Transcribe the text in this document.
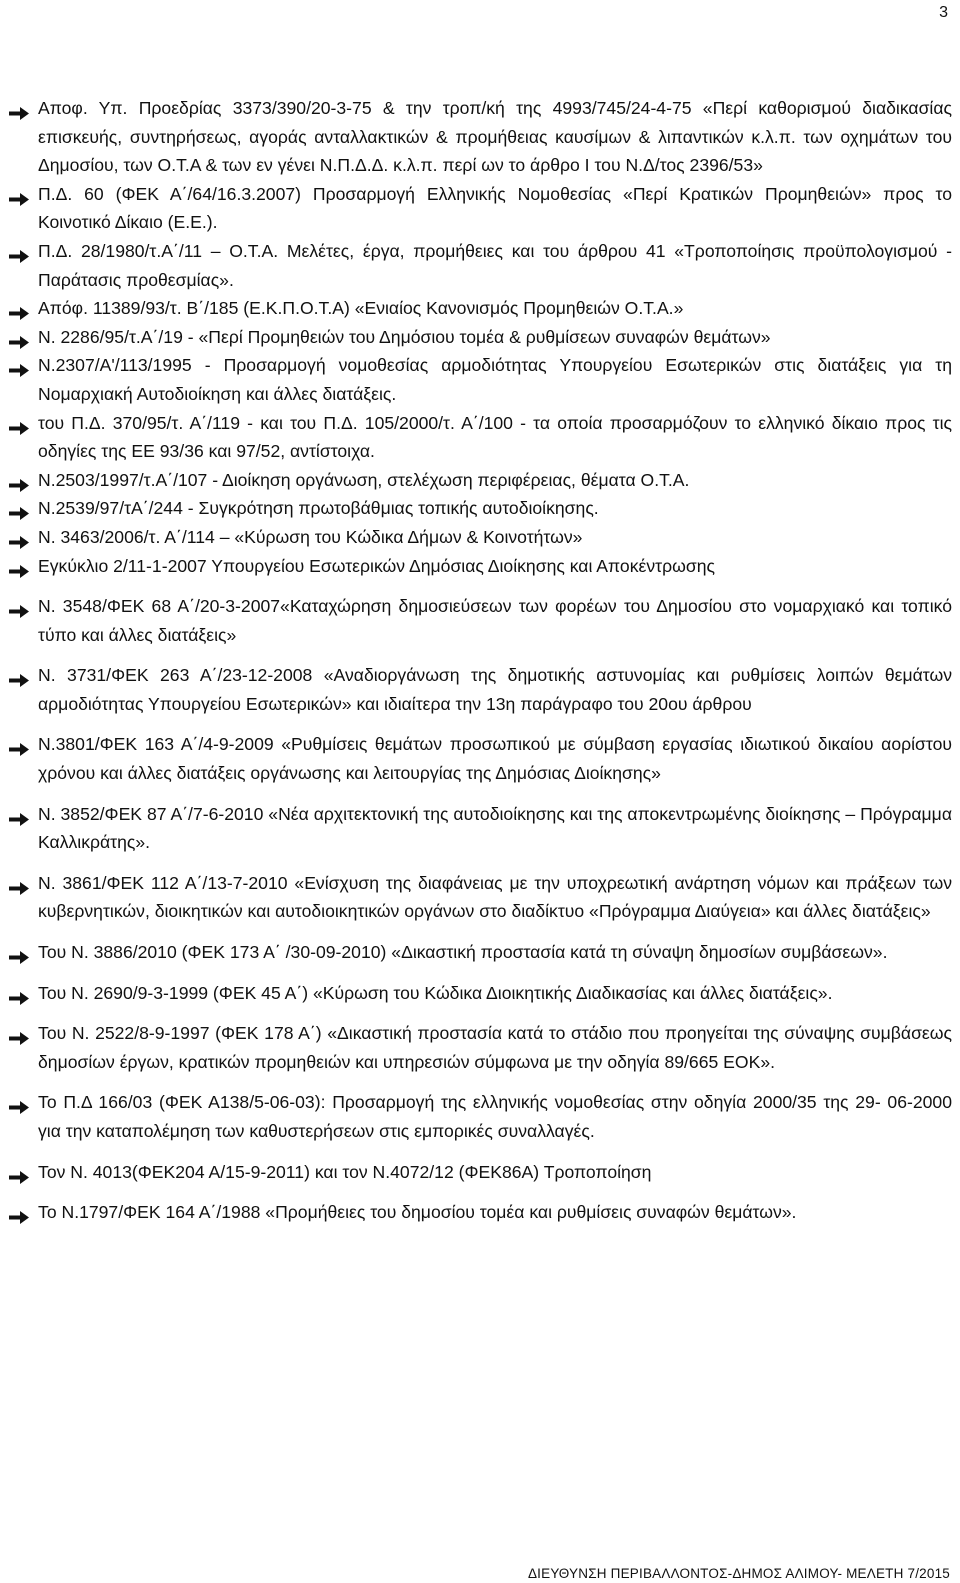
3
Αποφ. Υπ. Προεδρίας 3373/390/20-3-75 & την τροπ/κή της 4993/745/24-4-75 «Περί καθορισμού διαδικασίας επισκευής, συντηρήσεως, αγοράς ανταλλακτικών & προμήθειας καυσίμων & λιπαντικών κ.λ.π. των οχημάτων του Δημοσίου, των Ο.Τ.Α & των εν γένει Ν.Π.Δ.Δ. κ.λ.π. περί ων το άρθρο Ι του Ν.Δ/τος 2396/53»
Π.Δ. 60 (ΦΕΚ Α΄/64/16.3.2007) Προσαρμογή Ελληνικής Νομοθεσίας «Περί Κρατικών Προμηθειών» προς το Κοινοτικό Δίκαιο (Ε.Ε.).
Π.Δ. 28/1980/τ.Α΄/11 – Ο.Τ.Α. Μελέτες, έργα, προμήθειες και του άρθρου 41 «Τροποποίησις προϋπολογισμού - Παράτασις προθεσμίας».
Απόφ. 11389/93/τ. Β΄/185 (Ε.Κ.Π.Ο.Τ.Α) «Ενιαίος Κανονισμός Προμηθειών Ο.Τ.Α.»
Ν. 2286/95/τ.Α΄/19 - «Περί Προμηθειών του Δημόσιου τομέα & ρυθμίσεων συναφών θεμάτων»
Ν.2307/Α'/113/1995 - Προσαρμογή νομοθεσίας αρμοδιότητας Υπουργείου Εσωτερικών στις διατάξεις για τη Νομαρχιακή Αυτοδιοίκηση και άλλες διατάξεις.
του Π.Δ. 370/95/τ. Α΄/119 - και του Π.Δ. 105/2000/τ. Α΄/100 - τα οποία προσαρμόζουν το ελληνικό δίκαιο προς τις οδηγίες της ΕΕ 93/36 και 97/52, αντίστοιχα.
Ν.2503/1997/τ.Α΄/107 - Διοίκηση οργάνωση, στελέχωση περιφέρειας, θέματα Ο.Τ.Α.
Ν.2539/97/τΑ΄/244 - Συγκρότηση πρωτοβάθμιας τοπικής αυτοδιοίκησης.
Ν. 3463/2006/τ. Α΄/114 – «Κύρωση του Κώδικα Δήμων & Κοινοτήτων»
Εγκύκλιο 2/11-1-2007 Υπουργείου Εσωτερικών Δημόσιας Διοίκησης και Αποκέντρωσης
Ν. 3548/ΦΕΚ 68 Α΄/20-3-2007«Καταχώρηση δημοσιεύσεων των φορέων του Δημοσίου στο νομαρχιακό και τοπικό τύπο και άλλες διατάξεις»
Ν. 3731/ΦΕΚ 263 Α΄/23-12-2008 «Αναδιοργάνωση της δημοτικής αστυνομίας και ρυθμίσεις λοιπών θεμάτων αρμοδιότητας Υπουργείου Εσωτερικών» και ιδιαίτερα την 13η παράγραφο του 20ου άρθρου
Ν.3801/ΦΕΚ 163 Α΄/4-9-2009 «Ρυθμίσεις θεμάτων προσωπικού με σύμβαση εργασίας ιδιωτικού δικαίου αορίστου χρόνου και άλλες διατάξεις οργάνωσης και λειτουργίας της Δημόσιας Διοίκησης»
Ν. 3852/ΦΕΚ 87 Α΄/7-6-2010 «Νέα αρχιτεκτονική της αυτοδιοίκησης και της αποκεντρωμένης διοίκησης – Πρόγραμμα Καλλικράτης».
Ν. 3861/ΦΕΚ 112 Α΄/13-7-2010 «Ενίσχυση της διαφάνειας με την υποχρεωτική ανάρτηση νόμων και πράξεων των κυβερνητικών, διοικητικών και αυτοδιοικητικών οργάνων στο διαδίκτυο «Πρόγραμμα Διαύγεια» και άλλες διατάξεις»
Του Ν. 3886/2010 (ΦΕΚ 173 Α΄ /30-09-2010) «Δικαστική προστασία κατά τη σύναψη δημοσίων συμβάσεων».
Του Ν. 2690/9-3-1999 (ΦΕΚ 45 Α΄) «Κύρωση του Κώδικα Διοικητικής Διαδικασίας και άλλες διατάξεις».
Του Ν. 2522/8-9-1997 (ΦΕΚ 178 Α΄) «Δικαστική προστασία κατά το στάδιο που προηγείται της σύναψης συμβάσεως δημοσίων έργων, κρατικών προμηθειών και υπηρεσιών σύμφωνα με την οδηγία 89/665 ΕΟΚ».
Το Π.Δ 166/03 (ΦΕΚ Α138/5-06-03): Προσαρμογή της ελληνικής νομοθεσίας στην οδηγία 2000/35 της 29- 06-2000 για την καταπολέμηση των καθυστερήσεων στις εμπορικές συναλλαγές.
Τον Ν. 4013(ΦΕΚ204 Α/15-9-2011) και τον Ν.4072/12 (ΦΕΚ86Α) Τροποποίηση
Το Ν.1797/ΦΕΚ 164 Α΄/1988 «Προμήθειες του δημοσίου τομέα και ρυθμίσεις συναφών θεμάτων».
ΔΙΕΥΘΥΝΣΗ ΠΕΡΙΒΑΛΛΟΝΤΟΣ-ΔΗΜΟΣ ΑΛΙΜΟΥ- ΜΕΛΕΤΗ 7/2015
